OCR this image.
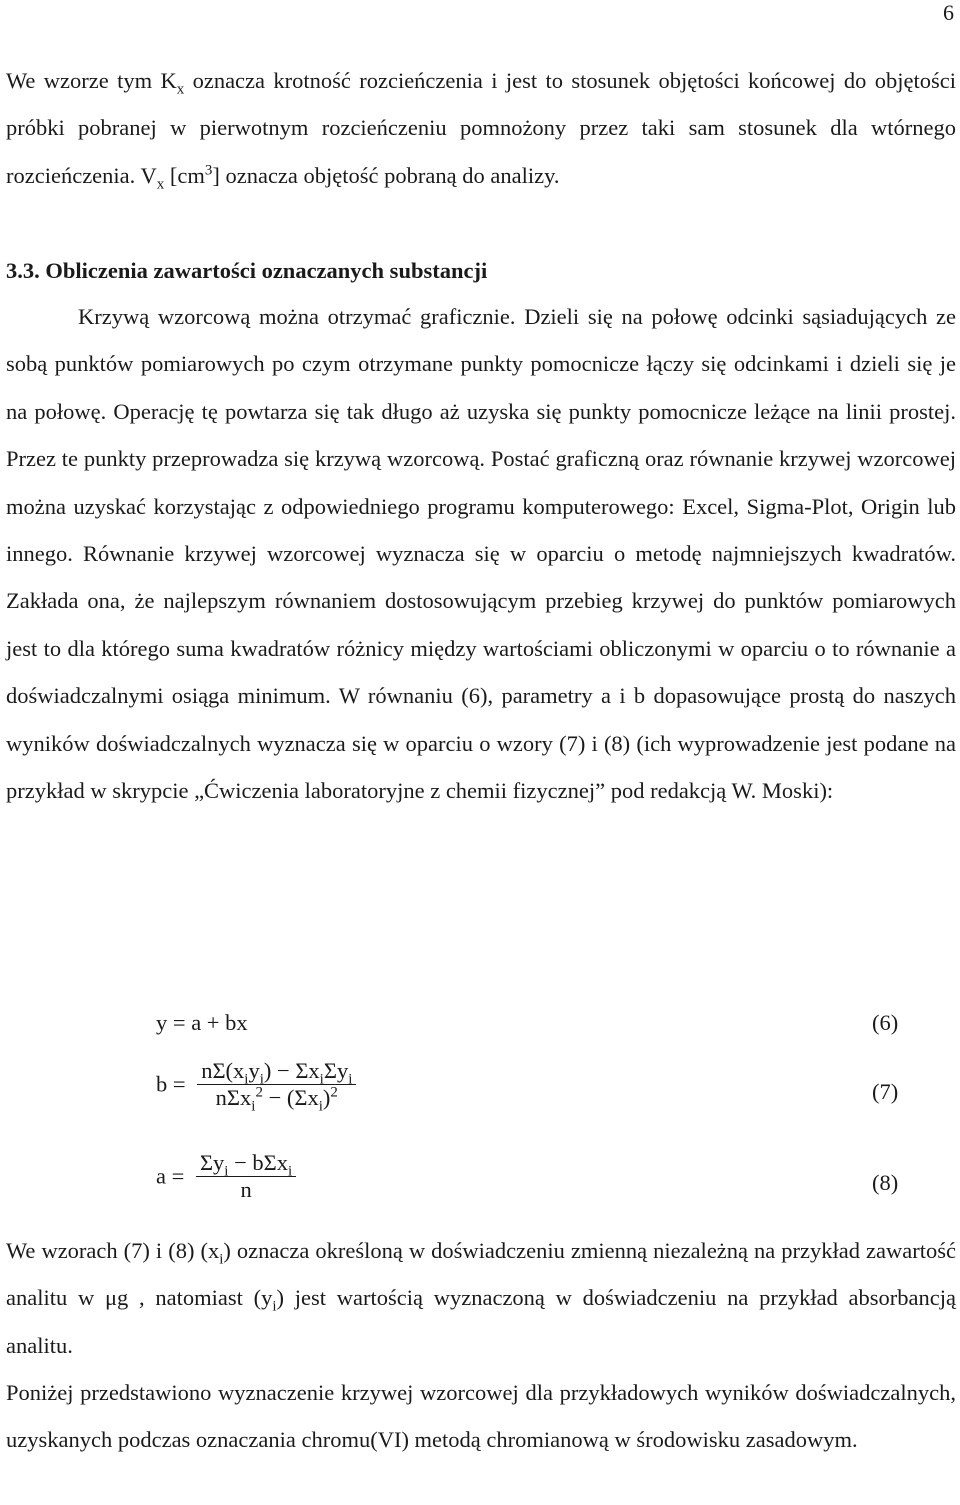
6
We wzorze tym $K_x$ oznacza krotność rozcieńczenia i jest to stosunek objętości końcowej do objętości próbki pobranej w pierwotnym rozcieńczeniu pomnożony przez taki sam stosunek dla wtórnego rozcieńczenia. $V_x$ $[cm^3]$ oznacza objętość pobraną do analizy.
3.3. Obliczenia zawartości oznaczanych substancji
Krzywą wzorcową można otrzymać graficznie. Dzieli się na połowę odcinki sąsiadujących ze sobą punktów pomiarowych po czym otrzymane punkty pomocnicze łączy się odcinkami i dzieli się je na połowę. Operację tę powtarza się tak długo aż uzyska się punkty pomocnicze leżące na linii prostej. Przez te punkty przeprowadza się krzywą wzorcową. Postać graficzną oraz równanie krzywej wzorcowej można uzyskać korzystając z odpowiedniego programu komputerowego: Excel, Sigma-Plot, Origin lub innego. Równanie krzywej wzorcowej wyznacza się w oparciu o metodę najmniejszych kwadratów. Zakłada ona, że najlepszym równaniem dostosowującym przebieg krzywej do punktów pomiarowych jest to dla którego suma kwadratów różnicy między wartościami obliczonymi w oparciu o to równanie a doświadczalnymi osiąga minimum. W równaniu (6), parametry a i b dopasowujące prostą do naszych wyników doświadczalnych wyznacza się w oparciu o wzory (7) i (8) (ich wyprowadzenie jest podane na przykład w skrypcie „Ćwiczenia laboratoryjne z chemii fizycznej” pod redakcją W. Moski):
y = a + bx	(6)
$b = \frac{n\Sigma(x_iy_i) - \Sigma x_i\Sigma y_i}{n\Sigma x_i^2 - (\Sigma x_i)^2}$	(7)
$a = \frac{\Sigma y_i - b\Sigma x_i}{n}$	(8)
We wzorach (7) i (8) $(x_i)$ oznacza określoną w doświadczeniu zmienną niezależną na przykład zawartość analitu w μg , natomiast $(y_i)$ jest wartością wyznaczoną w doświadczeniu na przykład absorbancją analitu.
Poniżej przedstawiono wyznaczenie krzywej wzorcowej dla przykładowych wyników doświadczalnych, uzyskanych podczas oznaczania chromu(VI) metodą chromianową w środowisku zasadowym.
